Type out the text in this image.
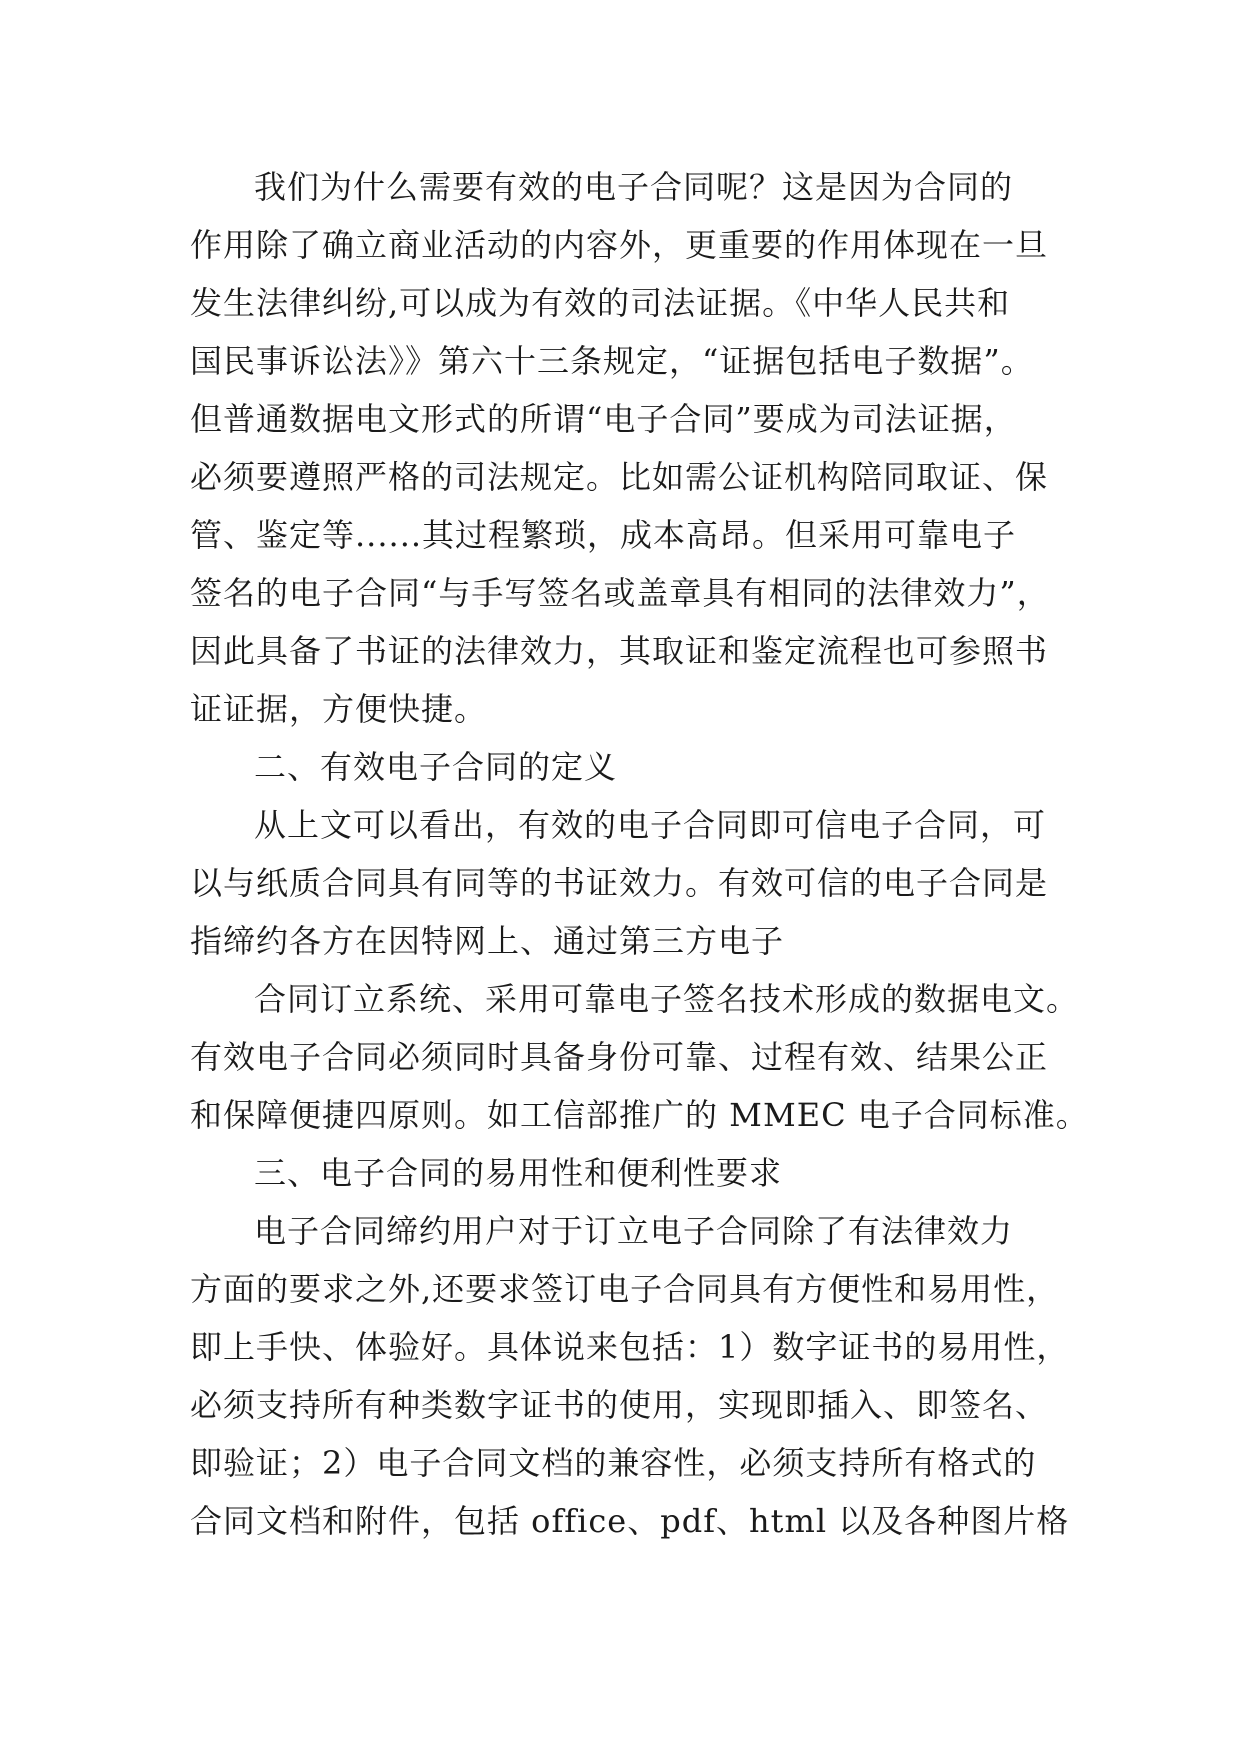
我们为什么需要有效的电子合同呢？这是因为合同的
作用除了确立商业活动的内容外，更重要的作用体现在一旦
发生法律纠纷,可以成为有效的司法证据。《中华人民共和
国民事诉讼法》》第六十三条规定，“证据包括电子数据”。
但普通数据电文形式的所谓“电子合同”要成为司法证据，
必须要遵照严格的司法规定。比如需公证机构陪同取证、保
管、鉴定等......其过程繁琐，成本高昂。但采用可靠电子
签名的电子合同“与手写签名或盖章具有相同的法律效力”，
因此具备了书证的法律效力，其取证和鉴定流程也可参照书
证证据，方便快捷。
二、有效电子合同的定义
从上文可以看出，有效的电子合同即可信电子合同，可
以与纸质合同具有同等的书证效力。有效可信的电子合同是
指缔约各方在因特网上、通过第三方电子
合同订立系统、采用可靠电子签名技术形成的数据电文。
有效电子合同必须同时具备身份可靠、过程有效、结果公正
和保障便捷四原则。如工信部推广的 MMEC 电子合同标准。
三、电子合同的易用性和便利性要求
电子合同缔约用户对于订立电子合同除了有法律效力
方面的要求之外,还要求签订电子合同具有方便性和易用性，
即上手快、体验好。具体说来包括：1）数字证书的易用性，
必须支持所有种类数字证书的使用，实现即插入、即签名、
即验证；2）电子合同文档的兼容性，必须支持所有格式的
合同文档和附件，包括 office、pdf、html 以及各种图片格
